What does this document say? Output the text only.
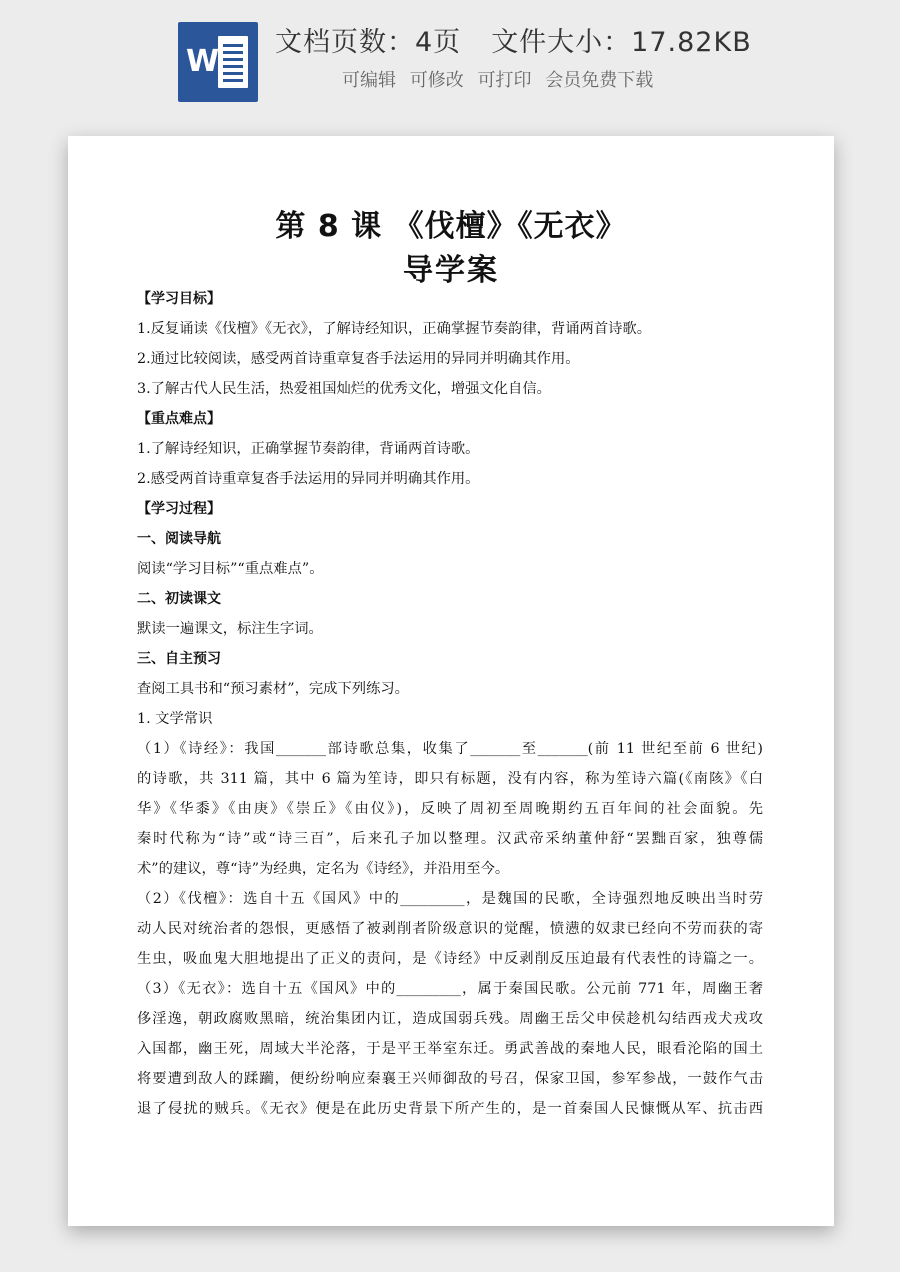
W
文档页数：4页 文件大小：17.82KB
可编辑 可修改 可打印 会员免费下载
第 8 课 《伐檀》《无衣》
导学案

【学习目标】

1.反复诵读《伐檀》《无衣》，了解诗经知识，正确掌握节奏韵律，背诵两首诗歌。

2.通过比较阅读，感受两首诗重章复沓手法运用的异同并明确其作用。

3.了解古代人民生活，热爱祖国灿烂的优秀文化，增强文化自信。

【重点难点】

1.了解诗经知识，正确掌握节奏韵律，背诵两首诗歌。

2.感受两首诗重章复沓手法运用的异同并明确其作用。

【学习过程】

一、阅读导航

阅读“学习目标”“重点难点”。

二、初读课文

默读一遍课文，标注生字词。

三、自主预习

查阅工具书和“预习素材”，完成下列练习。

1. 文学常识

（1）《诗经》：我国_______部诗歌总集，收集了_______至_______(前 11 世纪至前 6 世纪)

的诗歌，共 311 篇，其中 6 篇为笙诗，即只有标题，没有内容，称为笙诗六篇(《南陔》《白

华》《华黍》《由庚》《崇丘》《由仪》)，反映了周初至周晚期约五百年间的社会面貌。先

秦时代称为“诗”或“诗三百”，后来孔子加以整理。汉武帝采纳董仲舒“罢黜百家，独尊儒

术”的建议，尊“诗”为经典，定名为《诗经》，并沿用至今。

（2）《伐檀》：选自十五《国风》中的_________，是魏国的民歌，全诗强烈地反映出当时劳

动人民对统治者的怨恨，更感悟了被剥削者阶级意识的觉醒，愤懑的奴隶已经向不劳而获的寄

生虫，吸血鬼大胆地提出了正义的责问，是《诗经》中反剥削反压迫最有代表性的诗篇之一。

（3）《无衣》：选自十五《国风》中的_________，属于秦国民歌。公元前 771 年，周幽王奢

侈淫逸，朝政腐败黑暗，统治集团内讧，造成国弱兵残。周幽王岳父申侯趁机勾结西戎犬戎攻

入国都，幽王死，周域大半沦落，于是平王举室东迁。勇武善战的秦地人民，眼看沦陷的国土

将要遭到敌人的蹂躏，便纷纷响应秦襄王兴师御敌的号召，保家卫国，参军参战，一鼓作气击

退了侵扰的贼兵。《无衣》便是在此历史背景下所产生的，是一首秦国人民慷慨从军、抗击西
